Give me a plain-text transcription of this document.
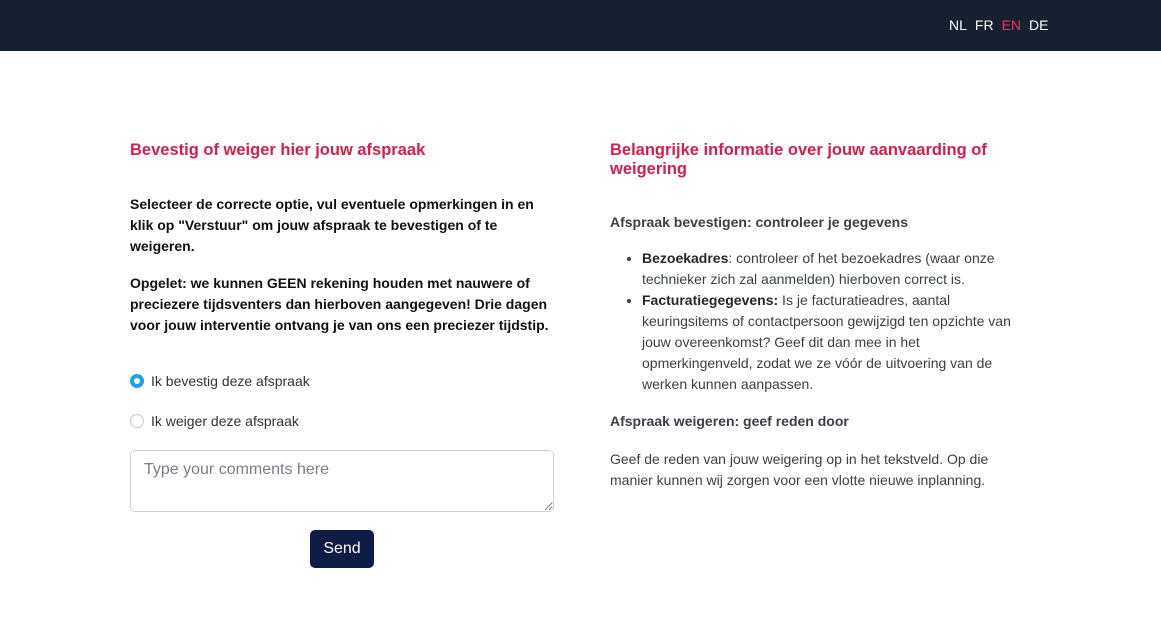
NL FR EN DE
Bevestig of weiger hier jouw afspraak

Selecteer de correcte optie, vul eventuele opmerkingen in en klik op "Verstuur" om jouw afspraak te bevestigen of te weigeren.

Opgelet: we kunnen GEEN rekening houden met nauwere of preciezere tijdsventers dan hierboven aangegeven! Drie dagen voor jouw interventie ontvang je van ons een preciezer tijdstip.

Ik bevestig deze afspraak
Ik weiger deze afspraak
Type your comments here
Send
Belangrijke informatie over jouw aanvaarding of weigering

Afspraak bevestigen: controleer je gegevens

• Bezoekadres: controleer of het bezoekadres (waar onze technieker zich zal aanmelden) hierboven correct is.
• Facturatiegegevens: Is je facturatieadres, aantal keuringsitems of contactpersoon gewijzigd ten opzichte van jouw overeenkomst? Geef dit dan mee in het opmerkingenveld, zodat we ze vóór de uitvoering van de werken kunnen aanpassen.

Afspraak weigeren: geef reden door

Geef de reden van jouw weigering op in het tekstveld. Op die manier kunnen wij zorgen voor een vlotte nieuwe inplanning.
